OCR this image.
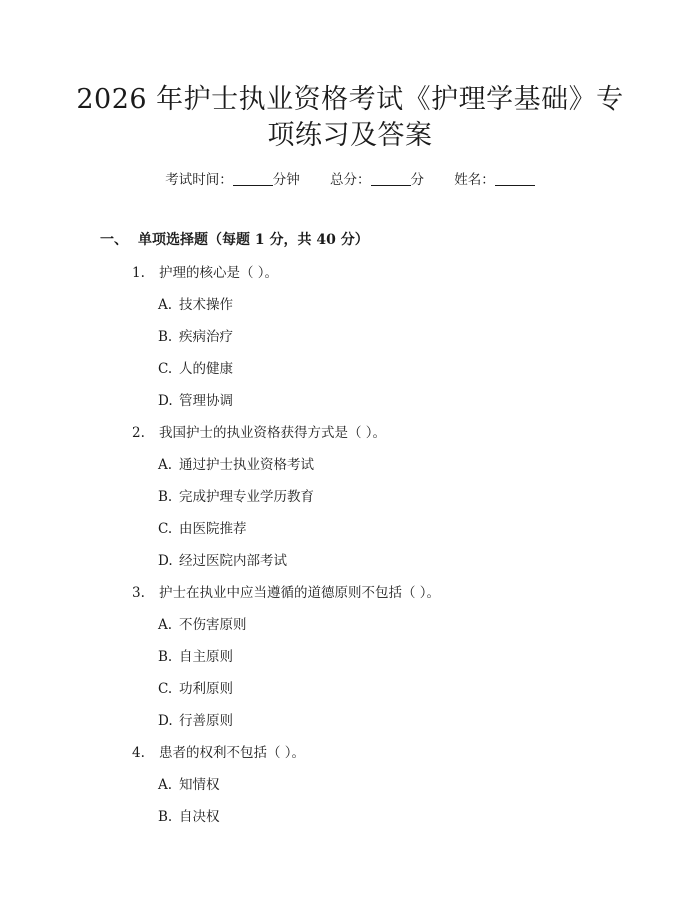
2026 年护士执业资格考试《护理学基础》专
项练习及答案
考试时间：	分钟 总分：	分 姓名：
一、 单项选择题（每题 1 分，共 40 分）
1. 护理的核心是（ ）。
A. 技术操作
B. 疾病治疗
C. 人的健康
D. 管理协调
2. 我国护士的执业资格获得方式是（ ）。
A. 通过护士执业资格考试
B. 完成护理专业学历教育
C. 由医院推荐
D. 经过医院内部考试
3. 护士在执业中应当遵循的道德原则不包括（ ）。
A. 不伤害原则
B. 自主原则
C. 功利原则
D. 行善原则
4. 患者的权利不包括（ ）。
A. 知情权
B. 自决权
